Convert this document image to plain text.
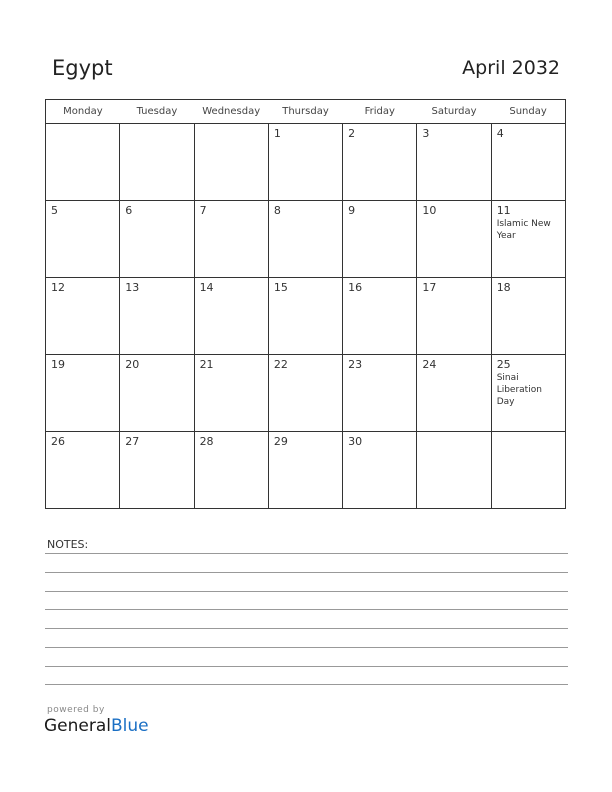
Egypt	April 2032
Monday	Tuesday	Wednesday	Thursday	Friday	Saturday	Sunday

			1	2	3	4

5	6	7	8	9	10	11
Islamic New Year

12	13	14	15	16	17	18

19	20	21	22	23	24	25
Sinai Liberation Day

26	27	28	29	30		

NOTES:
powered by
GeneralBlue
